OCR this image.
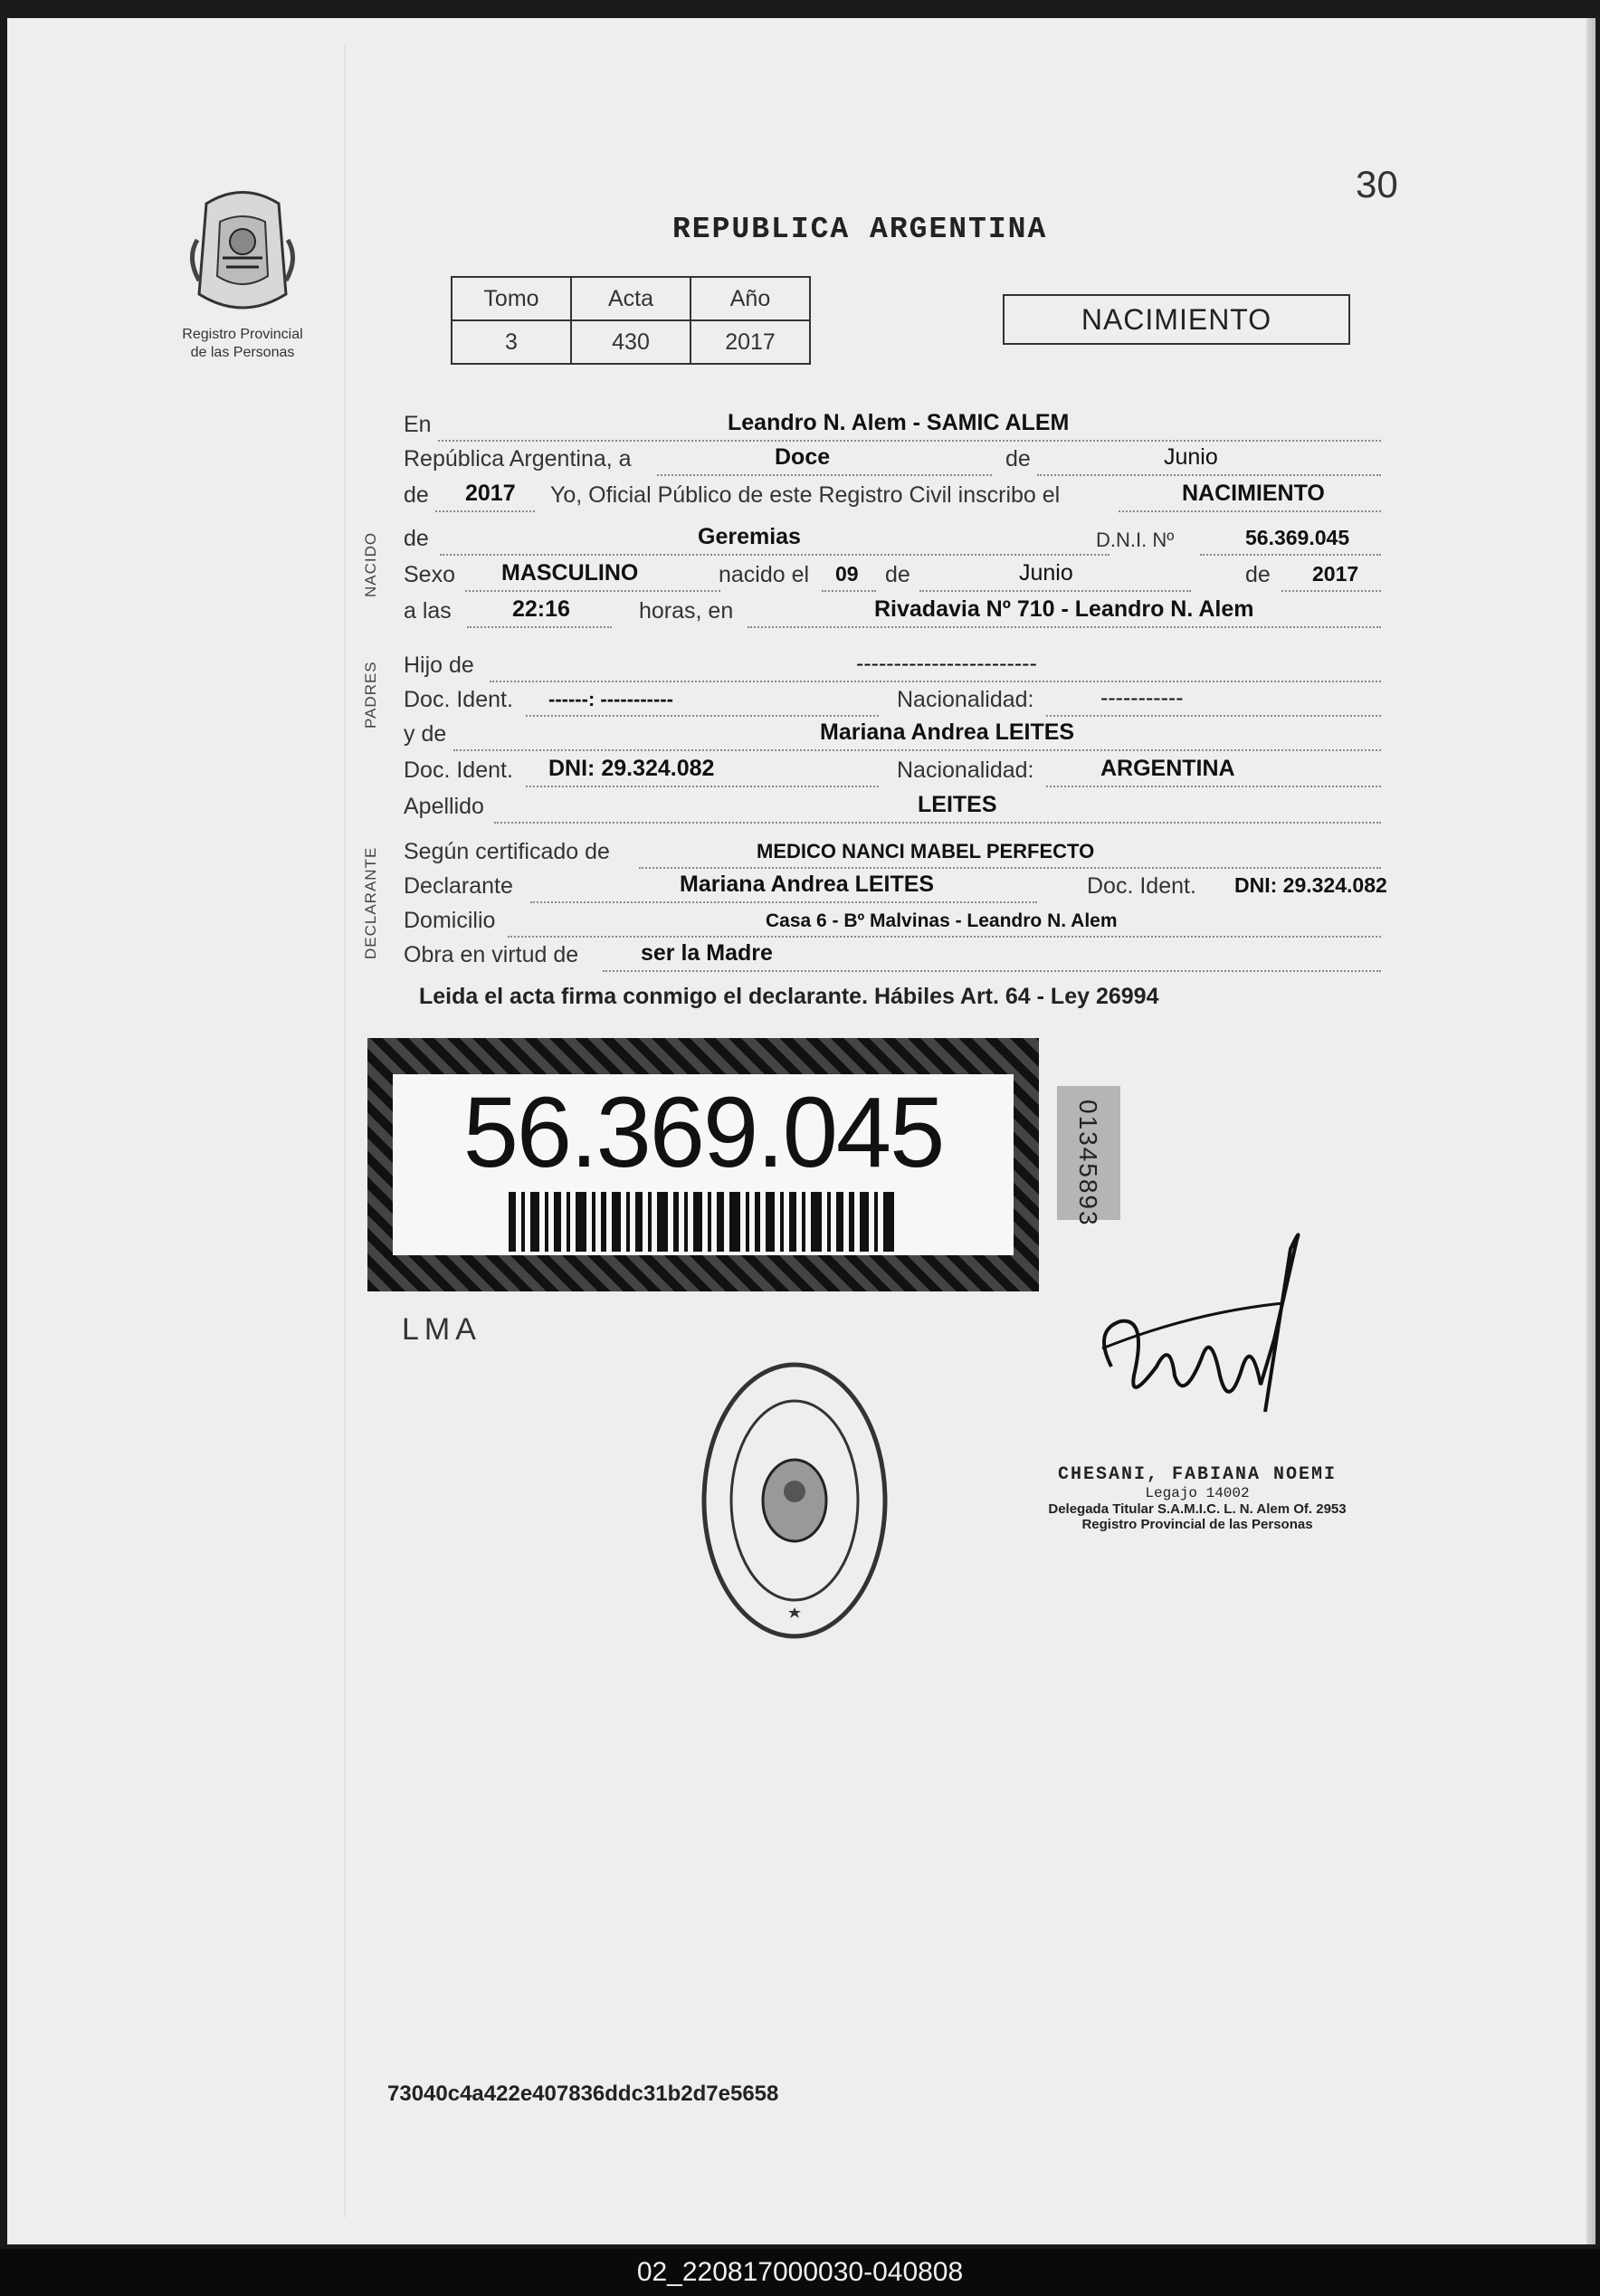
30
Registro Provincial
de las Personas
REPUBLICA ARGENTINA
Tomo	Acta	Año
3	430	2017
NACIMIENTO
NACIDO
PADRES
DECLARANTE
En	Leandro N. Alem - SAMIC ALEM
República Argentina, a	Doce	de	Junio
de 2017 Yo, Oficial Público de este Registro Civil inscribo el	NACIMIENTO
de	Geremias	D.N.I. Nº	56.369.045
Sexo MASCULINO	nacido el 09 de	Junio	de 2017
a las	22:16	horas, en	Rivadavia Nº 710 - Leandro N. Alem
Hijo de	------------------------
Doc. Ident. ------: -----------	Nacionalidad:	-----------
y de	Mariana Andrea LEITES
Doc. Ident. DNI: 29.324.082	Nacionalidad:	ARGENTINA
Apellido	LEITES
Según certificado de	MEDICO NANCI MABEL PERFECTO
Declarante	Mariana Andrea LEITES	Doc. Ident. DNI: 29.324.082
Domicilio	Casa 6 - Bº Malvinas - Leandro N. Alem
Obra en virtud de	ser la Madre
Leida el acta firma conmigo el declarante. Hábiles Art. 64 - Ley 26994
56.369.045	01345893
LMA
CHESANI, FABIANA NOEMI
Legajo 14002
Delegada Titular S.A.M.I.C. L. N. Alem Of. 2953
Registro Provincial de las Personas
73040c4a422e407836ddc31b2d7e5658
02_220817000030-040808
